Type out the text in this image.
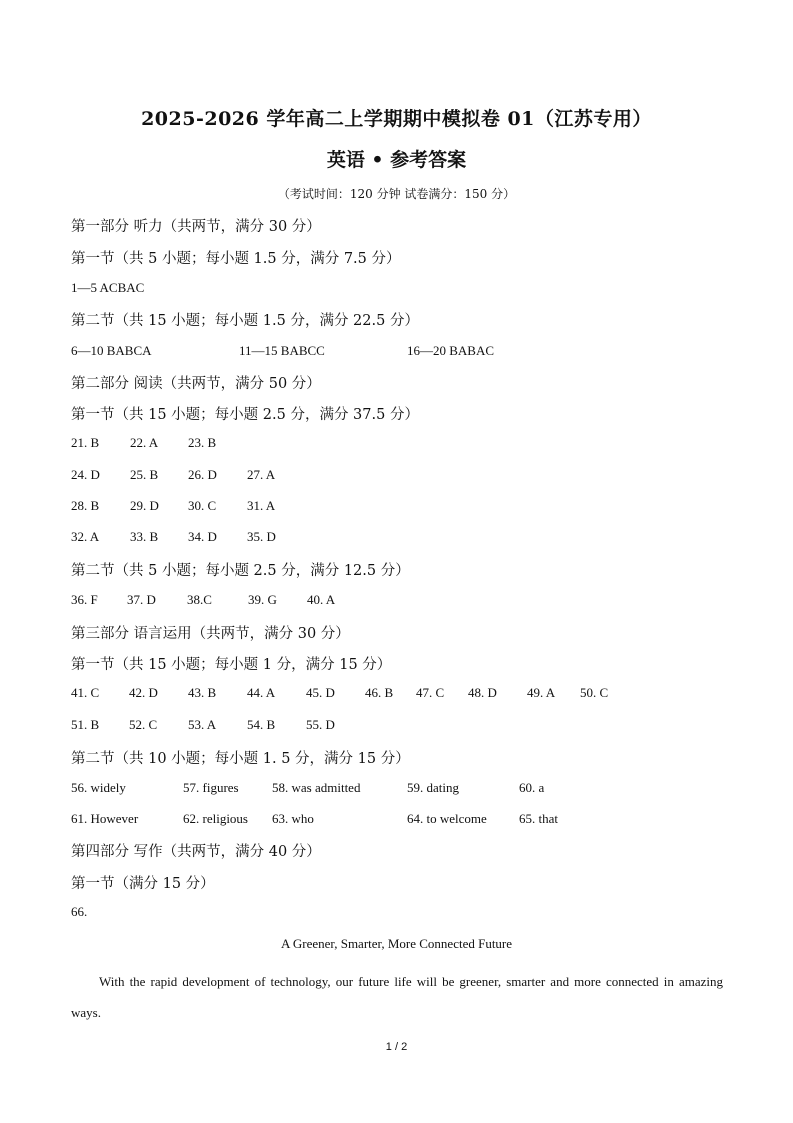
2025-2026 学年高二上学期期中模拟卷 01（江苏专用）
英语 • 参考答案
（考试时间：120 分钟 试卷满分：150 分）
第一部分 听力（共两节，满分 30 分）
第一节（共 5 小题；每小题 1.5 分，满分 7.5 分）
1—5 ACBAC
第二节（共 15 小题；每小题 1.5 分，满分 22.5 分）
6—10 BABCA	11—15 BABCC	16—20 BABAC
第二部分 阅读（共两节，满分 50 分）
第一节（共 15 小题；每小题 2.5 分，满分 37.5 分）
21. B 22. A 23. B
24. D 25. B 26. D 27. A
28. B 29. D 30. C 31. A
32. A 33. B 34. D 35. D
第二节（共 5 小题；每小题 2.5 分，满分 12.5 分）
36. F 37. D 38.C	39. G 40. A
第三部分 语言运用（共两节，满分 30 分）
第一节（共 15 小题；每小题 1 分，满分 15 分）
41. C 42. D 43. B 44. A 45. D 46. B 47. C 48. D 49. A 50. C
51. B 52. C 53. A 54. B 55. D
第二节（共 10 小题；每小题 1. 5 分，满分 15 分）
56. widely	57. figures	58. was admitted	59. dating	60. a
61. However	62. religious 63. who	64. to welcome 65. that
第四部分 写作（共两节，满分 40 分）
第一节（满分 15 分）
66.
A Greener, Smarter, More Connected Future
With the rapid development of technology, our future life will be greener, smarter and more connected in amazing ways.
1 / 2
